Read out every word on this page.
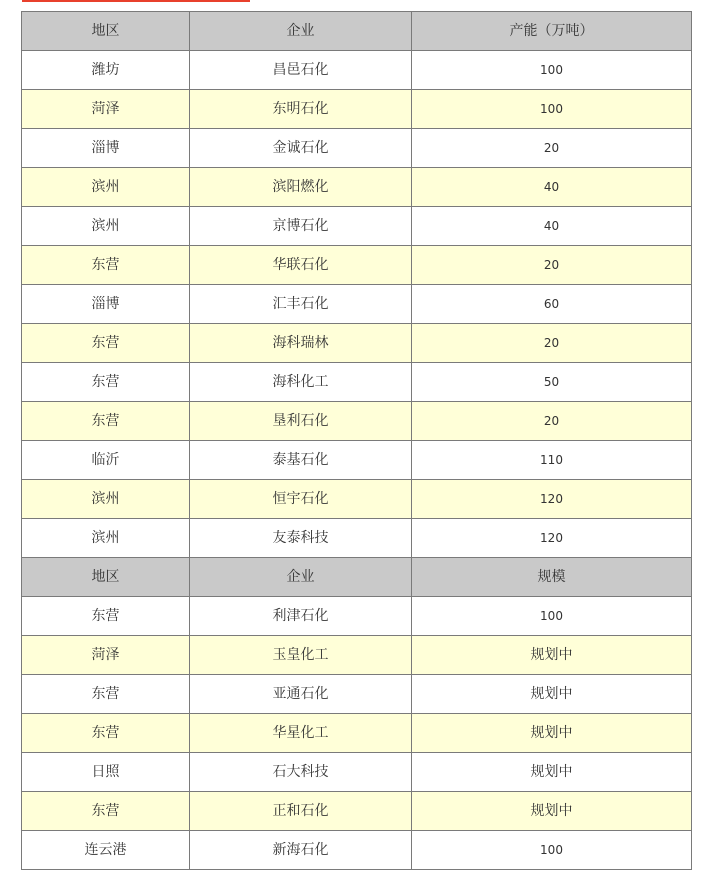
地区	企业	产能（万吨）
潍坊	昌邑石化	100
菏泽	东明石化	100
淄博	金诚石化	20
滨州	滨阳燃化	40
滨州	京博石化	40
东营	华联石化	20
淄博	汇丰石化	60
东营	海科瑞林	20
东营	海科化工	50
东营	垦利石化	20
临沂	泰基石化	110
滨州	恒宇石化	120
滨州	友泰科技	120
地区	企业	规模
东营	利津石化	100
菏泽	玉皇化工	规划中
东营	亚通石化	规划中
东营	华星化工	规划中
日照	石大科技	规划中
东营	正和石化	规划中
连云港	新海石化	100
